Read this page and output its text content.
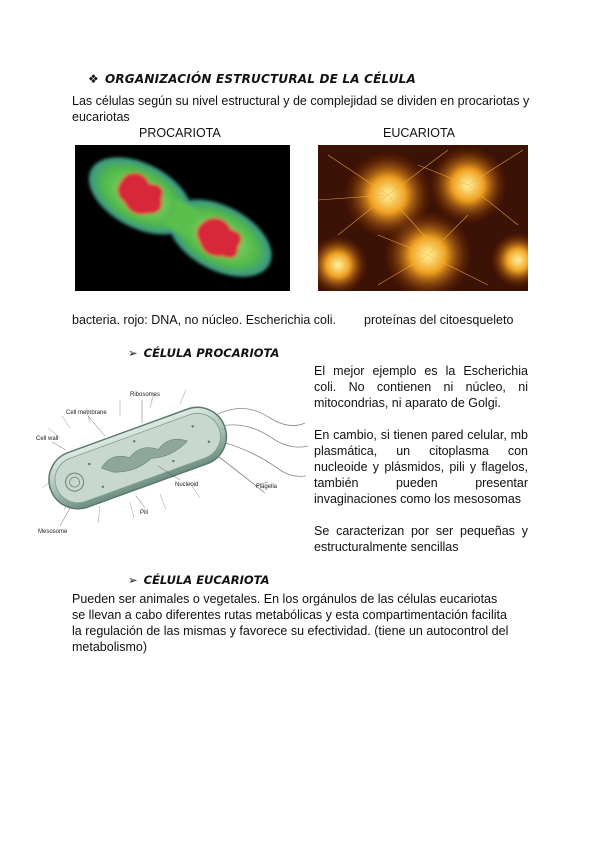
❖ ORGANIZACIÓN ESTRUCTURAL DE LA CÉLULA
Las células según su nivel estructural y de complejidad se dividen en procariotas y eucariotas
PROCARIOTA	EUCARIOTA
bacteria. rojo: DNA, no núcleo. Escherichia coli. proteínas del citoesqueleto
➢ CÉLULA PROCARIOTA
Ribosomes
Cell membrane
Cell wall
Nucleoid	Flagella
Pili
Mesosome
El mejor ejemplo es la Escherichia coli. No contienen ni núcleo, ni mitocondrias, ni aparato de Golgi.
En cambio, si tienen pared celular, mb plasmática, un citoplasma con nucleoide y plásmidos, pili y flagelos, también pueden presentar invaginaciones como los mesosomas
Se caracterizan por ser pequeñas y estructuralmente sencillas
➢ CÉLULA EUCARIOTA
Pueden ser animales o vegetales. En los orgánulos de las células eucariotas se llevan a cabo diferentes rutas metabólicas y esta compartimentación facilita la regulación de las mismas y favorece su efectividad. (tiene un autocontrol del metabolismo)
